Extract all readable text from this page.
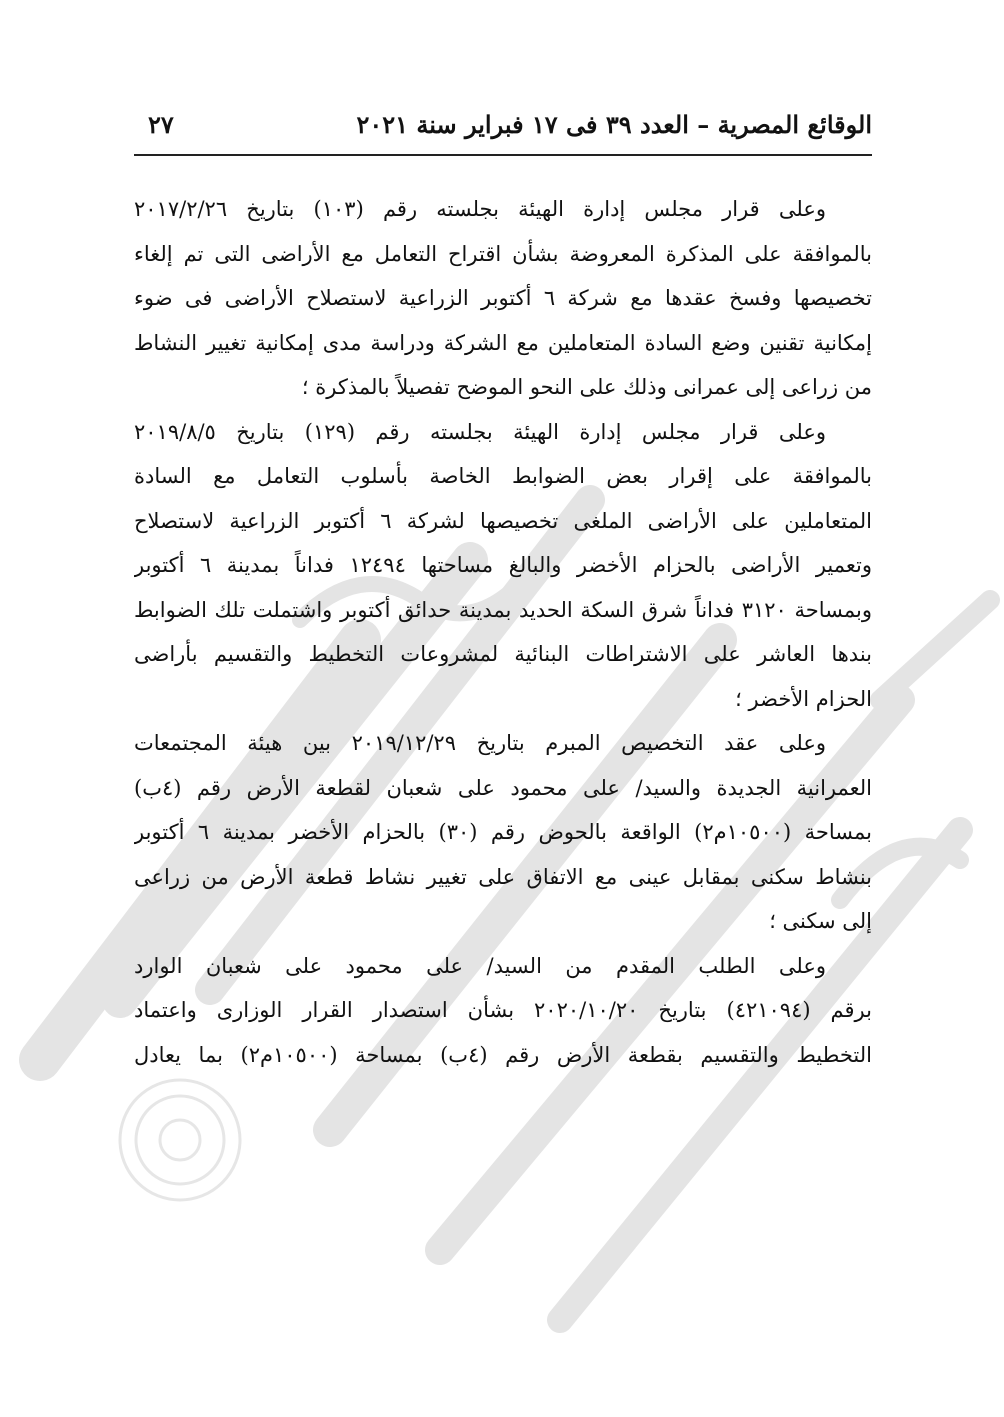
الوقائع المصرية – العدد ٣٩ فى ١٧ فبراير سنة ٢٠٢١
٢٧
وعلى قرار مجلس إدارة الهيئة بجلسته رقم (١٠٣) بتاريخ ٢٠١٧/٢/٢٦
بالموافقة على المذكرة المعروضة بشأن اقتراح التعامل مع الأراضى التى تم إلغاء
تخصيصها وفسخ عقدها مع شركة ٦ أكتوبر الزراعية لاستصلاح الأراضى فى ضوء
إمكانية تقنين وضع السادة المتعاملين مع الشركة ودراسة مدى إمكانية تغيير النشاط
من زراعى إلى عمرانى وذلك على النحو الموضح تفصيلاً بالمذكرة ؛
وعلى قرار مجلس إدارة الهيئة بجلسته رقم (١٢٩) بتاريخ ٢٠١٩/٨/٥
بالموافقة على إقرار بعض الضوابط الخاصة بأسلوب التعامل مع السادة
المتعاملين على الأراضى الملغى تخصيصها لشركة ٦ أكتوبر الزراعية لاستصلاح
وتعمير الأراضى بالحزام الأخضر والبالغ مساحتها ١٢٤٩٤ فداناً بمدينة ٦ أكتوبر
وبمساحة ٣١٢٠ فداناً شرق السكة الحديد بمدينة حدائق أكتوبر واشتملت تلك الضوابط
بندها العاشر على الاشتراطات البنائية لمشروعات التخطيط والتقسيم بأراضى
الحزام الأخضر ؛
وعلى عقد التخصيص المبرم بتاريخ ٢٠١٩/١٢/٢٩ بين هيئة المجتمعات
العمرانية الجديدة والسيد/ على محمود على شعبان لقطعة الأرض رقم (٤ب)
بمساحة (١٠٥٠٠م٢) الواقعة بالحوض رقم (٣٠) بالحزام الأخضر بمدينة ٦ أكتوبر
بنشاط سكنى بمقابل عينى مع الاتفاق على تغيير نشاط قطعة الأرض من زراعى
إلى سكنى ؛
وعلى الطلب المقدم من السيد/ على محمود على شعبان الوارد
برقم (٤٢١٠٩٤) بتاريخ ٢٠٢٠/١٠/٢٠ بشأن استصدار القرار الوزارى واعتماد
التخطيط والتقسيم بقطعة الأرض رقم (٤ب) بمساحة (١٠٥٠٠م٢) بما يعادل
